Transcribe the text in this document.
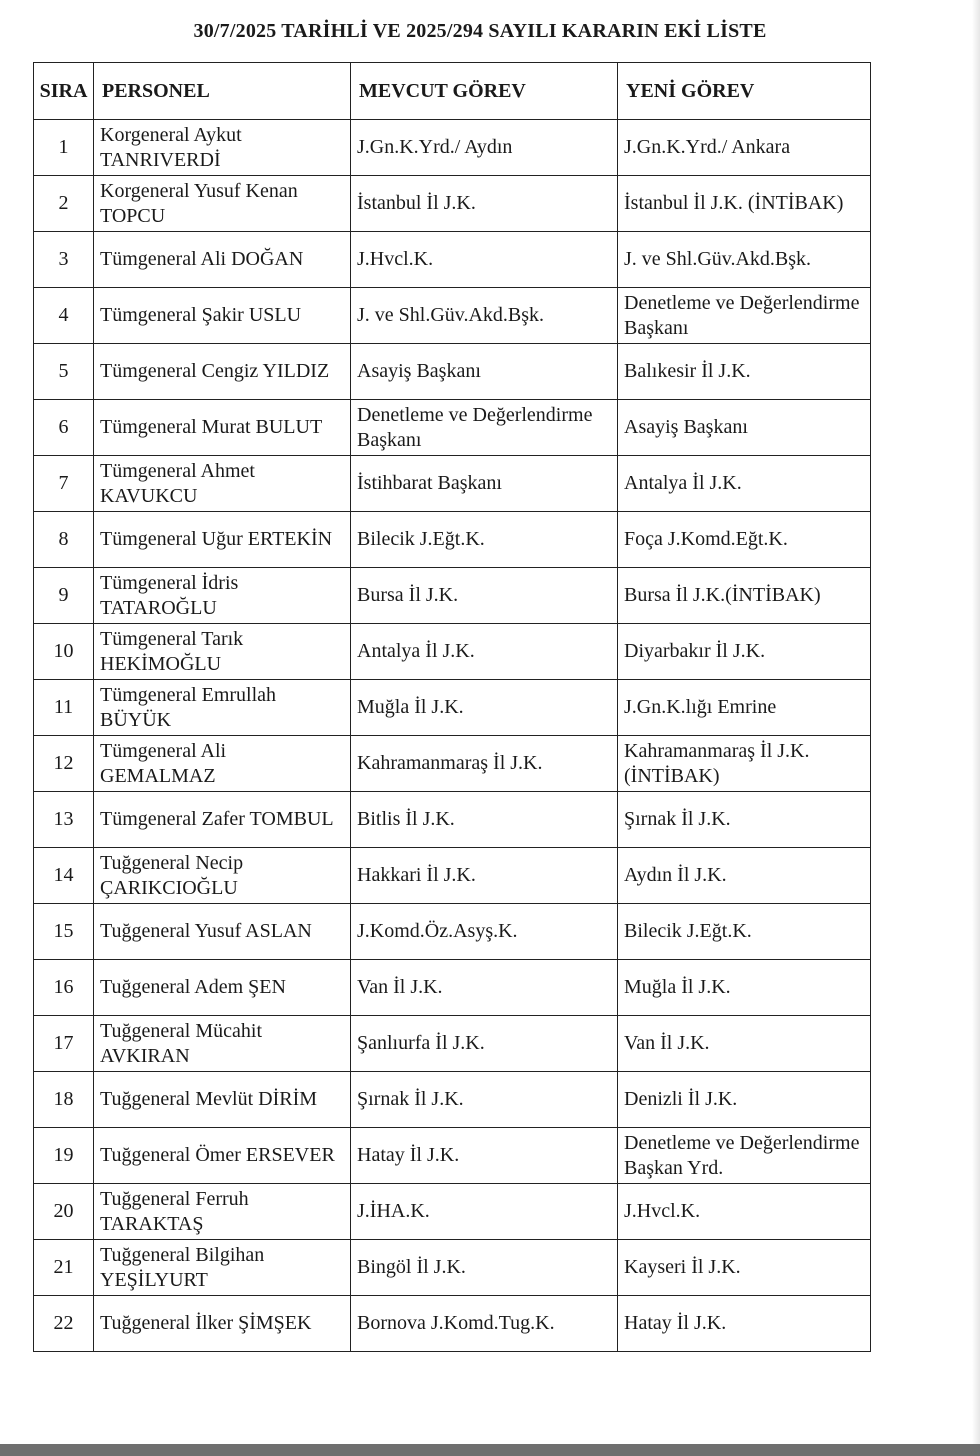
30/7/2025 TARİHLİ VE 2025/294 SAYILI KARARIN EKİ LİSTE
SIRA	PERSONEL	MEVCUT GÖREV	YENİ GÖREV
1	Korgeneral Aykut TANRIVERDİ	J.Gn.K.Yrd./ Aydın	J.Gn.K.Yrd./ Ankara
2	Korgeneral Yusuf Kenan TOPCU	İstanbul İl J.K.	İstanbul İl J.K. (İNTİBAK)
3	Tümgeneral Ali DOĞAN	J.Hvcl.K.	J. ve Shl.Güv.Akd.Bşk.
4	Tümgeneral Şakir USLU	J. ve Shl.Güv.Akd.Bşk.	Denetleme ve Değerlendirme Başkanı
5	Tümgeneral Cengiz YILDIZ	Asayiş Başkanı	Balıkesir İl J.K.
6	Tümgeneral Murat BULUT	Denetleme ve Değerlendirme Başkanı	Asayiş Başkanı
7	Tümgeneral Ahmet KAVUKCU	İstihbarat Başkanı	Antalya İl J.K.
8	Tümgeneral Uğur ERTEKİN	Bilecik J.Eğt.K.	Foça J.Komd.Eğt.K.
9	Tümgeneral İdris TATAROĞLU	Bursa İl J.K.	Bursa İl J.K.(İNTİBAK)
10	Tümgeneral Tarık HEKİMOĞLU	Antalya İl J.K.	Diyarbakır İl J.K.
11	Tümgeneral Emrullah BÜYÜK	Muğla İl J.K.	J.Gn.K.lığı Emrine
12	Tümgeneral Ali GEMALMAZ	Kahramanmaraş İl J.K.	Kahramanmaraş İl J.K. (İNTİBAK)
13	Tümgeneral Zafer TOMBUL	Bitlis İl J.K.	Şırnak İl J.K.
14	Tuğgeneral Necip ÇARIKCIOĞLU	Hakkari İl J.K.	Aydın İl J.K.
15	Tuğgeneral Yusuf ASLAN	J.Komd.Öz.Asyş.K.	Bilecik J.Eğt.K.
16	Tuğgeneral Adem ŞEN	Van İl J.K.	Muğla İl J.K.
17	Tuğgeneral Mücahit AVKIRAN	Şanlıurfa İl J.K.	Van İl J.K.
18	Tuğgeneral Mevlüt DİRİM	Şırnak İl J.K.	Denizli İl J.K.
19	Tuğgeneral Ömer ERSEVER	Hatay İl J.K.	Denetleme ve Değerlendirme Başkan Yrd.
20	Tuğgeneral Ferruh TARAKTAŞ	J.İHA.K.	J.Hvcl.K.
21	Tuğgeneral Bilgihan YEŞİLYURT	Bingöl İl J.K.	Kayseri İl J.K.
22	Tuğgeneral İlker ŞİMŞEK	Bornova J.Komd.Tug.K.	Hatay İl J.K.
